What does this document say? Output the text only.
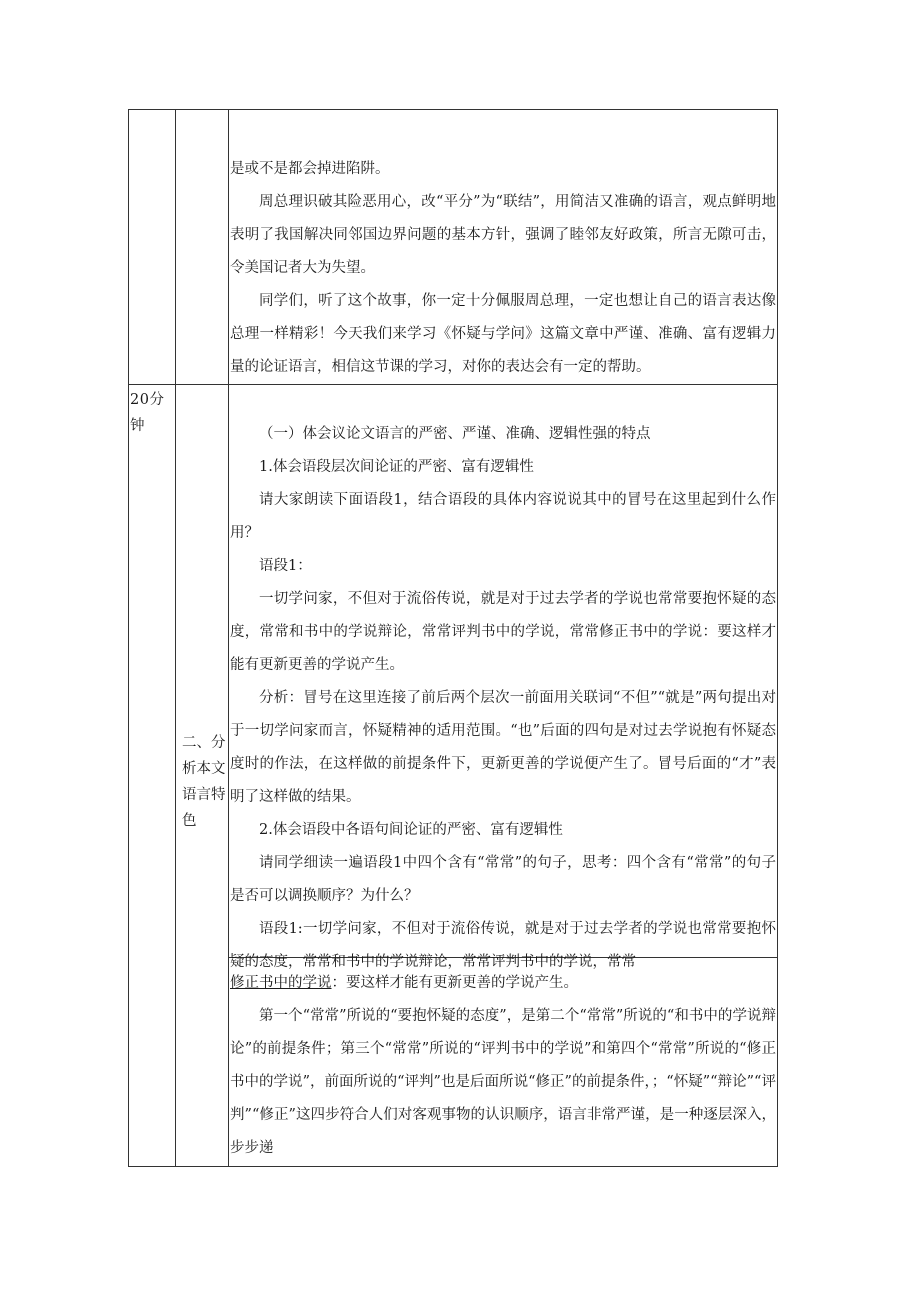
是或不是都会掉进陷阱。

周总理识破其险恶用心，改“平分”为“联结”，用简洁又准确的语言，观点鲜明地表明了我国解决同邻国边界问题的基本方针，强调了睦邻友好政策，所言无隙可击，令美国记者大为失望。

同学们，听了这个故事，你一定十分佩服周总理，一定也想让自己的语言表达像总理一样精彩！今天我们来学习《怀疑与学问》这篇文章中严谨、准确、富有逻辑力量的论证语言，相信这节课的学习，对你的表达会有一定的帮助。

20分钟
二、分析本文语言特色

（一）体会议论文语言的严密、严谨、准确、逻辑性强的特点

1.体会语段层次间论证的严密、富有逻辑性

请大家朗读下面语段1，结合语段的具体内容说说其中的冒号在这里起到什么作用？

语段1：

一切学问家，不但对于流俗传说，就是对于过去学者的学说也常常要抱怀疑的态度，常常和书中的学说辩论，常常评判书中的学说，常常修正书中的学说：要这样才能有更新更善的学说产生。

分析：冒号在这里连接了前后两个层次一前面用关联词“不但”“就是”两句提出对于一切学问家而言，怀疑精神的适用范围。“也”后面的四句是对过去学说抱有怀疑态度时的作法，在这样做的前提条件下，更新更善的学说便产生了。冒号后面的“才”表明了这样做的结果。

2.体会语段中各语句间论证的严密、富有逻辑性

请同学细读一遍语段1中四个含有“常常”的句子，思考：四个含有“常常”的句子是否可以调换顺序？为什么？

语段1:一切学问家，不但对于流俗传说，就是对于过去学者的学说也常常要抱怀疑的态度，常常和书中的学说辩论，常常评判书中的学说，常常

修正书中的学说：要这样才能有更新更善的学说产生。

第一个“常常”所说的“要抱怀疑的态度”，是第二个“常常”所说的“和书中的学说辩论”的前提条件；第三个“常常”所说的“评判书中的学说”和第四个“常常”所说的“修正书中的学说”，前面所说的“评判”也是后面所说“修正”的前提条件，；“怀疑”“辩论”“评判”“修正”这四步符合人们对客观事物的认识顺序，语言非常严谨，是一种逐层深入，步步递
